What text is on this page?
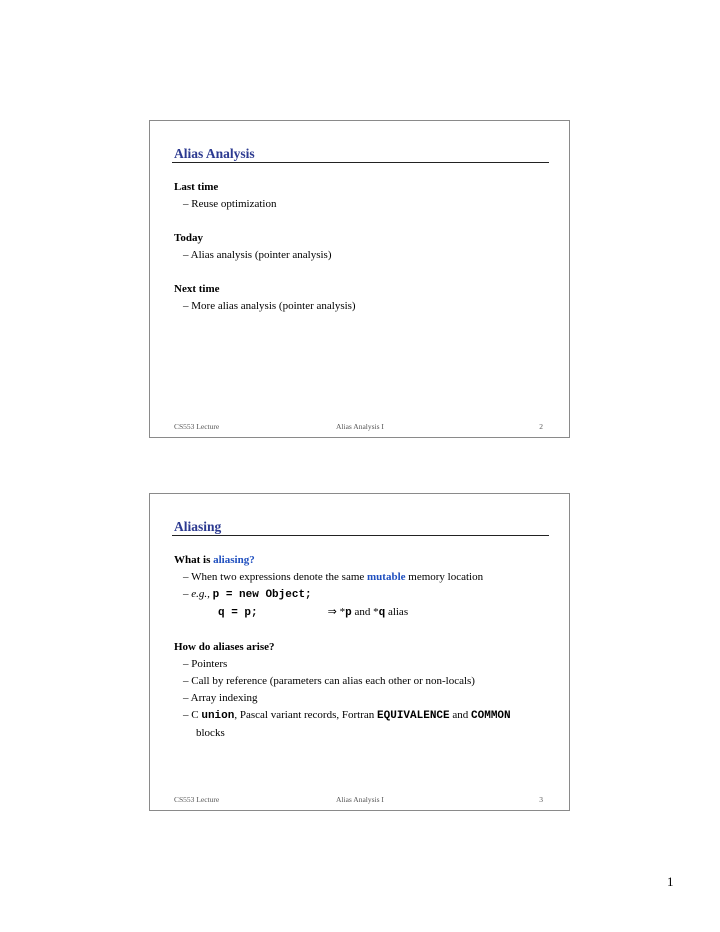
Alias Analysis
Last time
– Reuse optimization
Today
– Alias analysis (pointer analysis)
Next time
– More alias analysis (pointer analysis)
CS553 Lecture	Alias Analysis I	2
Aliasing
What is aliasing?
– When two expressions denote the same mutable memory location
– e.g., p = new Object;
q = p;	⇒ *p and *q alias
How do aliases arise?
– Pointers
– Call by reference (parameters can alias each other or non-locals)
– Array indexing
– C union, Pascal variant records, Fortran EQUIVALENCE and COMMON
blocks
CS553 Lecture	Alias Analysis I	3
1
